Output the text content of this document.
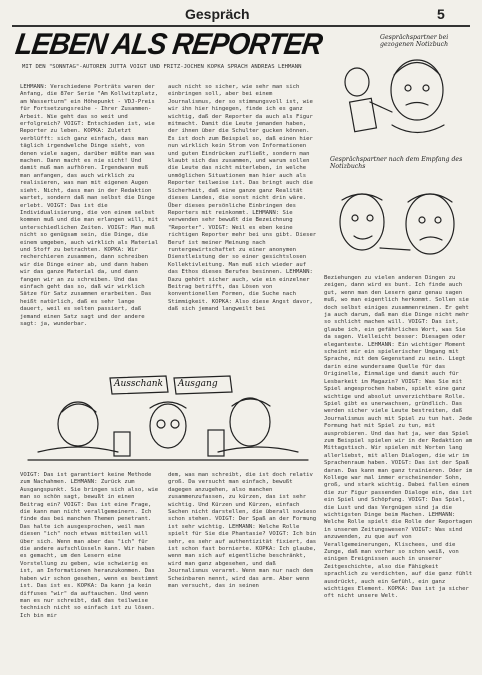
Gespräch	5
LEBEN ALS REPORTER
MIT DEN "SONNTAG"-AUTOREN JUTTA VOIGT UND FRITZ-JOCHEN KOPKA SPRACH ANDREAS LEHMANN

LEHMANN: Verschiedene Porträts waren der Anfang, die 87er Serie "Am Kollwitzplatz, am Wasserturm" ein Höhepunkt - VDJ-Preis für Fortsetzungsreihe - Ihrer Zusammen-Arbeit. Wie geht das so weit und erfolgreich? VOIGT: Entschieden ist, wie Reporter zu leben. KOPKA: Zuletzt verblüfft: sich ganz einfach, dass man täglich irgendwelche Dinge sieht, von denen viele sagen, darüber müßte man was machen. Dann macht es nie sicht! Und damit muß man aufhören. Irgendwann muß man anfangen, das auch wirklich zu realisieren, was man mit eigenen Augen sieht. Nicht, dass man in der Redaktion wartet, sondern daß man selbst die Dinge erlebt. VOIGT: Das ist die Individualisierung, die von einem selbst kommen muß und die man erlangen will, mit unterschiedlichen Zeiten. VOIGT: Man muß nicht so genügsam sein, die Dinge, die einem umgeben, auch wirklich als Material und Stoff zu betrachten. KOPKA: Wir recherchieren zusammen, dann schreiben wir die Dinge einer ab, und dann haben wir das ganze Material da, und dann fangen wir an zu schreiben. Und das einfach geht das so, daß wir wirklich Sätze für Satz zusammen erarbeiten. Das heißt natürlich, daß es sehr lange dauert, weil es selten passiert, daß jemand einen Satz sagt und der andere sagt: ja, wunderbar.

auch nicht so sicher, wie sehr man sich einbringen soll, aber bei einem Journalismus, der so stimmungsvoll ist, wie wir ihn hier hingegen, finde ich es ganz wichtig, daß der Reporter da auch als Figur mitmacht. Damit die Leute jemanden haben, der ihnen über die Schulter gucken können. Es ist doch zum Beispiel so, daß einen hier nun wirklich kein Strom von Informationen und guten Eindrücken zufließt, sondern man klaubt sich das zusammen, und warum sollen die Leute das nicht miterleben, in welche unmöglichen Situationen man hier auch als Reporter teilweise ist. Das bringt auch die Sicherheit, daß eine ganze ganz Realität dieses Landes, die sonst nicht drin wäre. Über dieses persönliche Einbringen des Reporters mit reinkommt. LEHMANN: Sie verwenden sehr bewußt die Bezeichnung "Reporter". VOIGT: Weil es eben keine richtigen Reporter mehr bei uns gibt. Dieser Beruf ist meiner Meinung nach runtergewirtschaftet zu einer anonymen Dienstleistung der so einer gesichtslosen Kollektivleitung. Man muß sich wieder auf das Ethos dieses Berufes besinnen. LEHMANN: Dazu gehört sicher auch, wie ein einzelner Beitrag betrifft, das Lösen von konventionellen Formen, die Suche nach Stimmigkeit. KOPKA: Also diese Angst davor, daß sich jemand langweilt bei

Beziehungen zu vielen anderen Dingen zu zeigen, dann wird es bunt. Ich finde auch gut, wenn man den Lesern ganz genau sagen muß, wo man eigentlich herkommt. Sollen sie doch selbst einiges zusammenreimen. Er geht ja auch darum, daß man die Dinge nicht mehr so schlicht machen will. VOIGT: Das ist, glaube ich, ein gefährliches Wort, was Sie da sagen. Vielleicht besser: Diesagen oder eleganteste. LEHMANN: Ein wichtiger Moment scheint mir ein spielerischer Umgang mit Sprache, mit dem Gegenstand zu sein. Liegt darin eine wundersame Quelle für das Originelle, Einmalige und damit auch für Lesbarkeit im Magazin? VOIGT: Was Sie mit Spiel angesprochen haben, spielt eine ganz wichtige und absolut unverzichtbare Rolle. Spiel gibt es unerwachsen, gründlich. Das werden sicher viele Leute bestreiten, daß Journalismus auch mit Spiel zu tun hat. Jede Formung hat mit Spiel zu tun, mit ausprobieren. Und das hat ja, wer das Spiel zum Beispiel spielen wir in der Redaktion am Mittagstisch. Wir spielen mit Worten lang allerliebst, mit allen Dialogen, die wir im Sprachenraum haben. VOIGT: Das ist der Spaß daran. Das kann man ganz trainieren. Oder im Kollege war mal immer erscheinender Sohn, groß, und stark wichtig. Dabei fallen einem die zur Figur passenden Dialoge ein, das ist ein Spiel und Schöpfung. VOIGT: Das Spiel, die Lust und das Vergnügen sind ja die wichtigsten Dinge beim Machen. LEHMANN: Welche Rolle spielt die Rolle der Reportagen in unserem Zeitungswesen? VOIGT: Was sind anzuwenden, zu que auf von Verallgemeinerungen, Klischees, und die Zunge, daß man vorher so schon weiß, von einigen Ereignissen auch in unserer Zeitgeschichte, also die Fähigkeit sprachlich zu verdichten, auf die ganz fühlt ausdrückt, auch ein Gefühl, ein ganz wichtiges Element. KOPKA: Das ist ja sicher oft nicht unsere Welt.

VOIGT: Das ist garantiert keine Methode zum Nachahmen. LEHMANN: Zurück zum Ausgangspunkt. Sie bringen sich also, wie man so schön sagt, bewußt in einen Beitrag ein? VOIGT: Das ist eine Frage, die kann man nicht verallgemeinern. Ich finde das bei manchen Themen penetrant. Das halte ich ausgesprochen, weil man diesen "ich" noch etwas mitteilen will über sich. Wenn man aber das "ich" für die andere aufschlüsseln kann. Wir haben es gemacht, um den Lesern eine Vorstellung zu geben, wie schwierig es ist, an Informationen heranzukommen. Das haben wir schon gesehen, wenn es bestimmt ist. Das ist es. KOPKA: Da kann ja kein diffuses "wir" da auftauchen. Und wenn man es nur schreibt, daß das teilweise technisch nicht so einfach ist zu lösen. Ich bin mir

dem, was man schreibt, die ist doch relativ groß. Da versucht man einfach, bewußt dagegen anzugehen, also manchen zusammenzufassen, zu kürzen, das ist sehr wichtig. Und Kürzen und Kürzen, einfach Sachen nicht darstellen, die überall sowieso schon stehen. VOIGT: Der Spaß an der Formung ist sehr wichtig. LEHMANN: Welche Rolle spielt für Sie die Phantasie? VOIGT: Ich bin sehr, es sehr auf authentizität fixiert, das ist schon fast bornierte. KOPKA: Ich glaube, wenn man sich auf eigentliche beschränkt, wird man ganz abgesehen, und daß Journalismus verarmt. Wenn man nur nach dem Scheinbaren nennt, wird das arm. Aber wenn man versucht, das in seinen

Gesprächspartner bei gezogenen Notizbuch
Gesprächspartner nach dem Empfang des Notizbuchs
Ausschank Ausgang
